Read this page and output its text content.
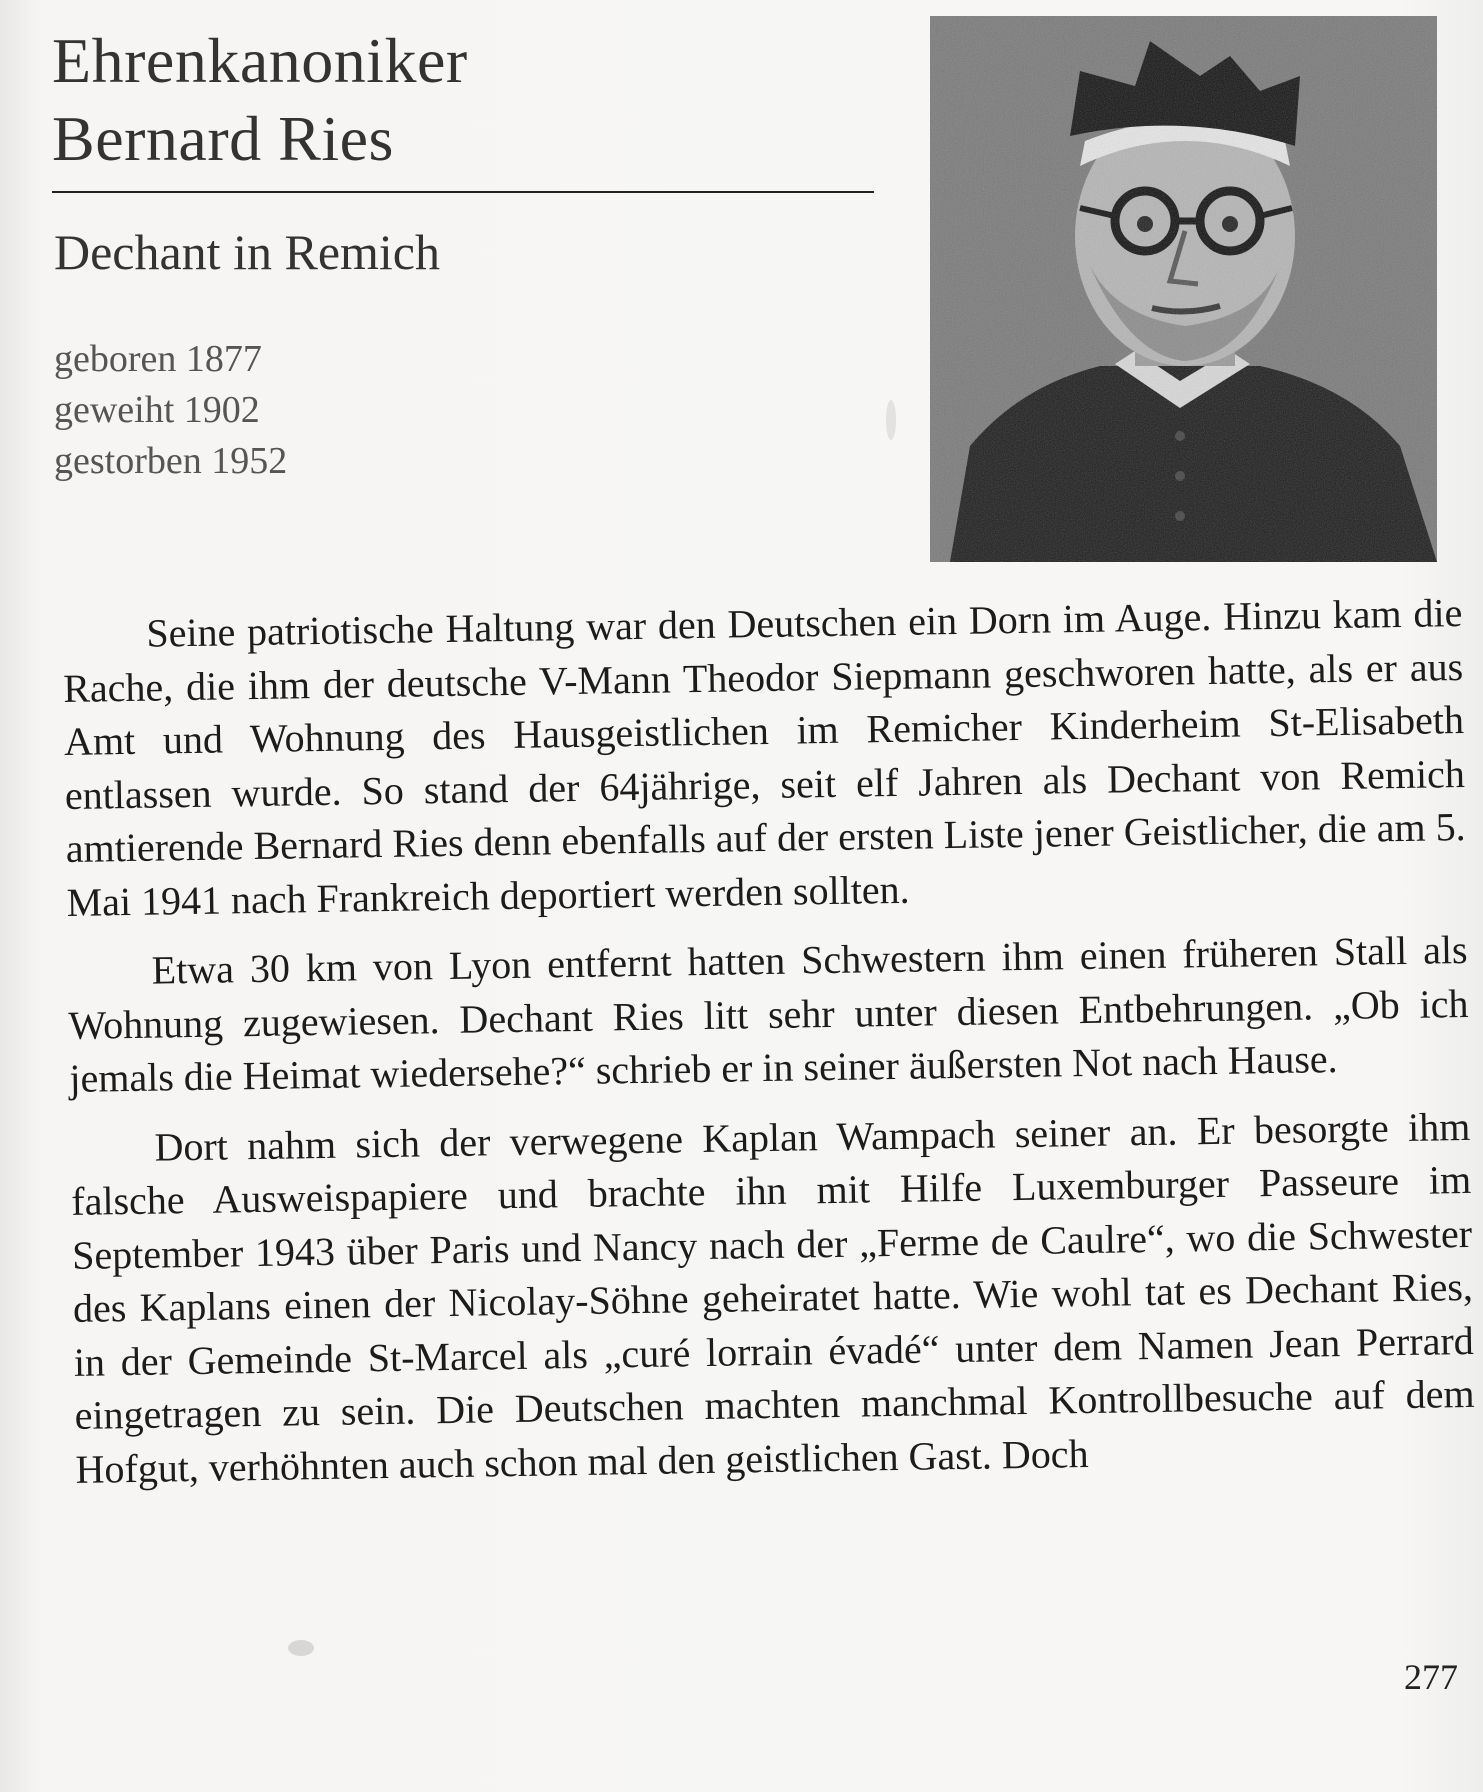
Ehrenkanoniker
Bernard Ries
Dechant in Remich
geboren 1877
geweiht 1902
gestorben 1952

Seine patriotische Haltung war den Deutschen ein Dorn im Auge. Hinzu kam die Rache, die ihm der deutsche V-Mann Theodor Siepmann geschworen hatte, als er aus Amt und Wohnung des Hausgeistlichen im Remicher Kinderheim St-Elisabeth entlassen wurde. So stand der 64jährige, seit elf Jahren als Dechant von Remich amtierende Bernard Ries denn ebenfalls auf der ersten Liste jener Geistlicher, die am 5. Mai 1941 nach Frankreich deportiert werden sollten.

Etwa 30 km von Lyon entfernt hatten Schwestern ihm einen früheren Stall als Wohnung zugewiesen. Dechant Ries litt sehr unter diesen Entbehrungen. „Ob ich jemals die Heimat wiedersehe?“ schrieb er in seiner äußersten Not nach Hause.

Dort nahm sich der verwegene Kaplan Wampach seiner an. Er besorgte ihm falsche Ausweispapiere und brachte ihn mit Hilfe Luxemburger Passeure im September 1943 über Paris und Nancy nach der „Ferme de Caulre“, wo die Schwester des Kaplans einen der Nicolay-Söhne geheiratet hatte. Wie wohl tat es Dechant Ries, in der Gemeinde St-Marcel als „curé lorrain évadé“ unter dem Namen Jean Perrard eingetragen zu sein. Die Deutschen machten manchmal Kontrollbesuche auf dem Hofgut, verhöhnten auch schon mal den geistlichen Gast. Doch

277
